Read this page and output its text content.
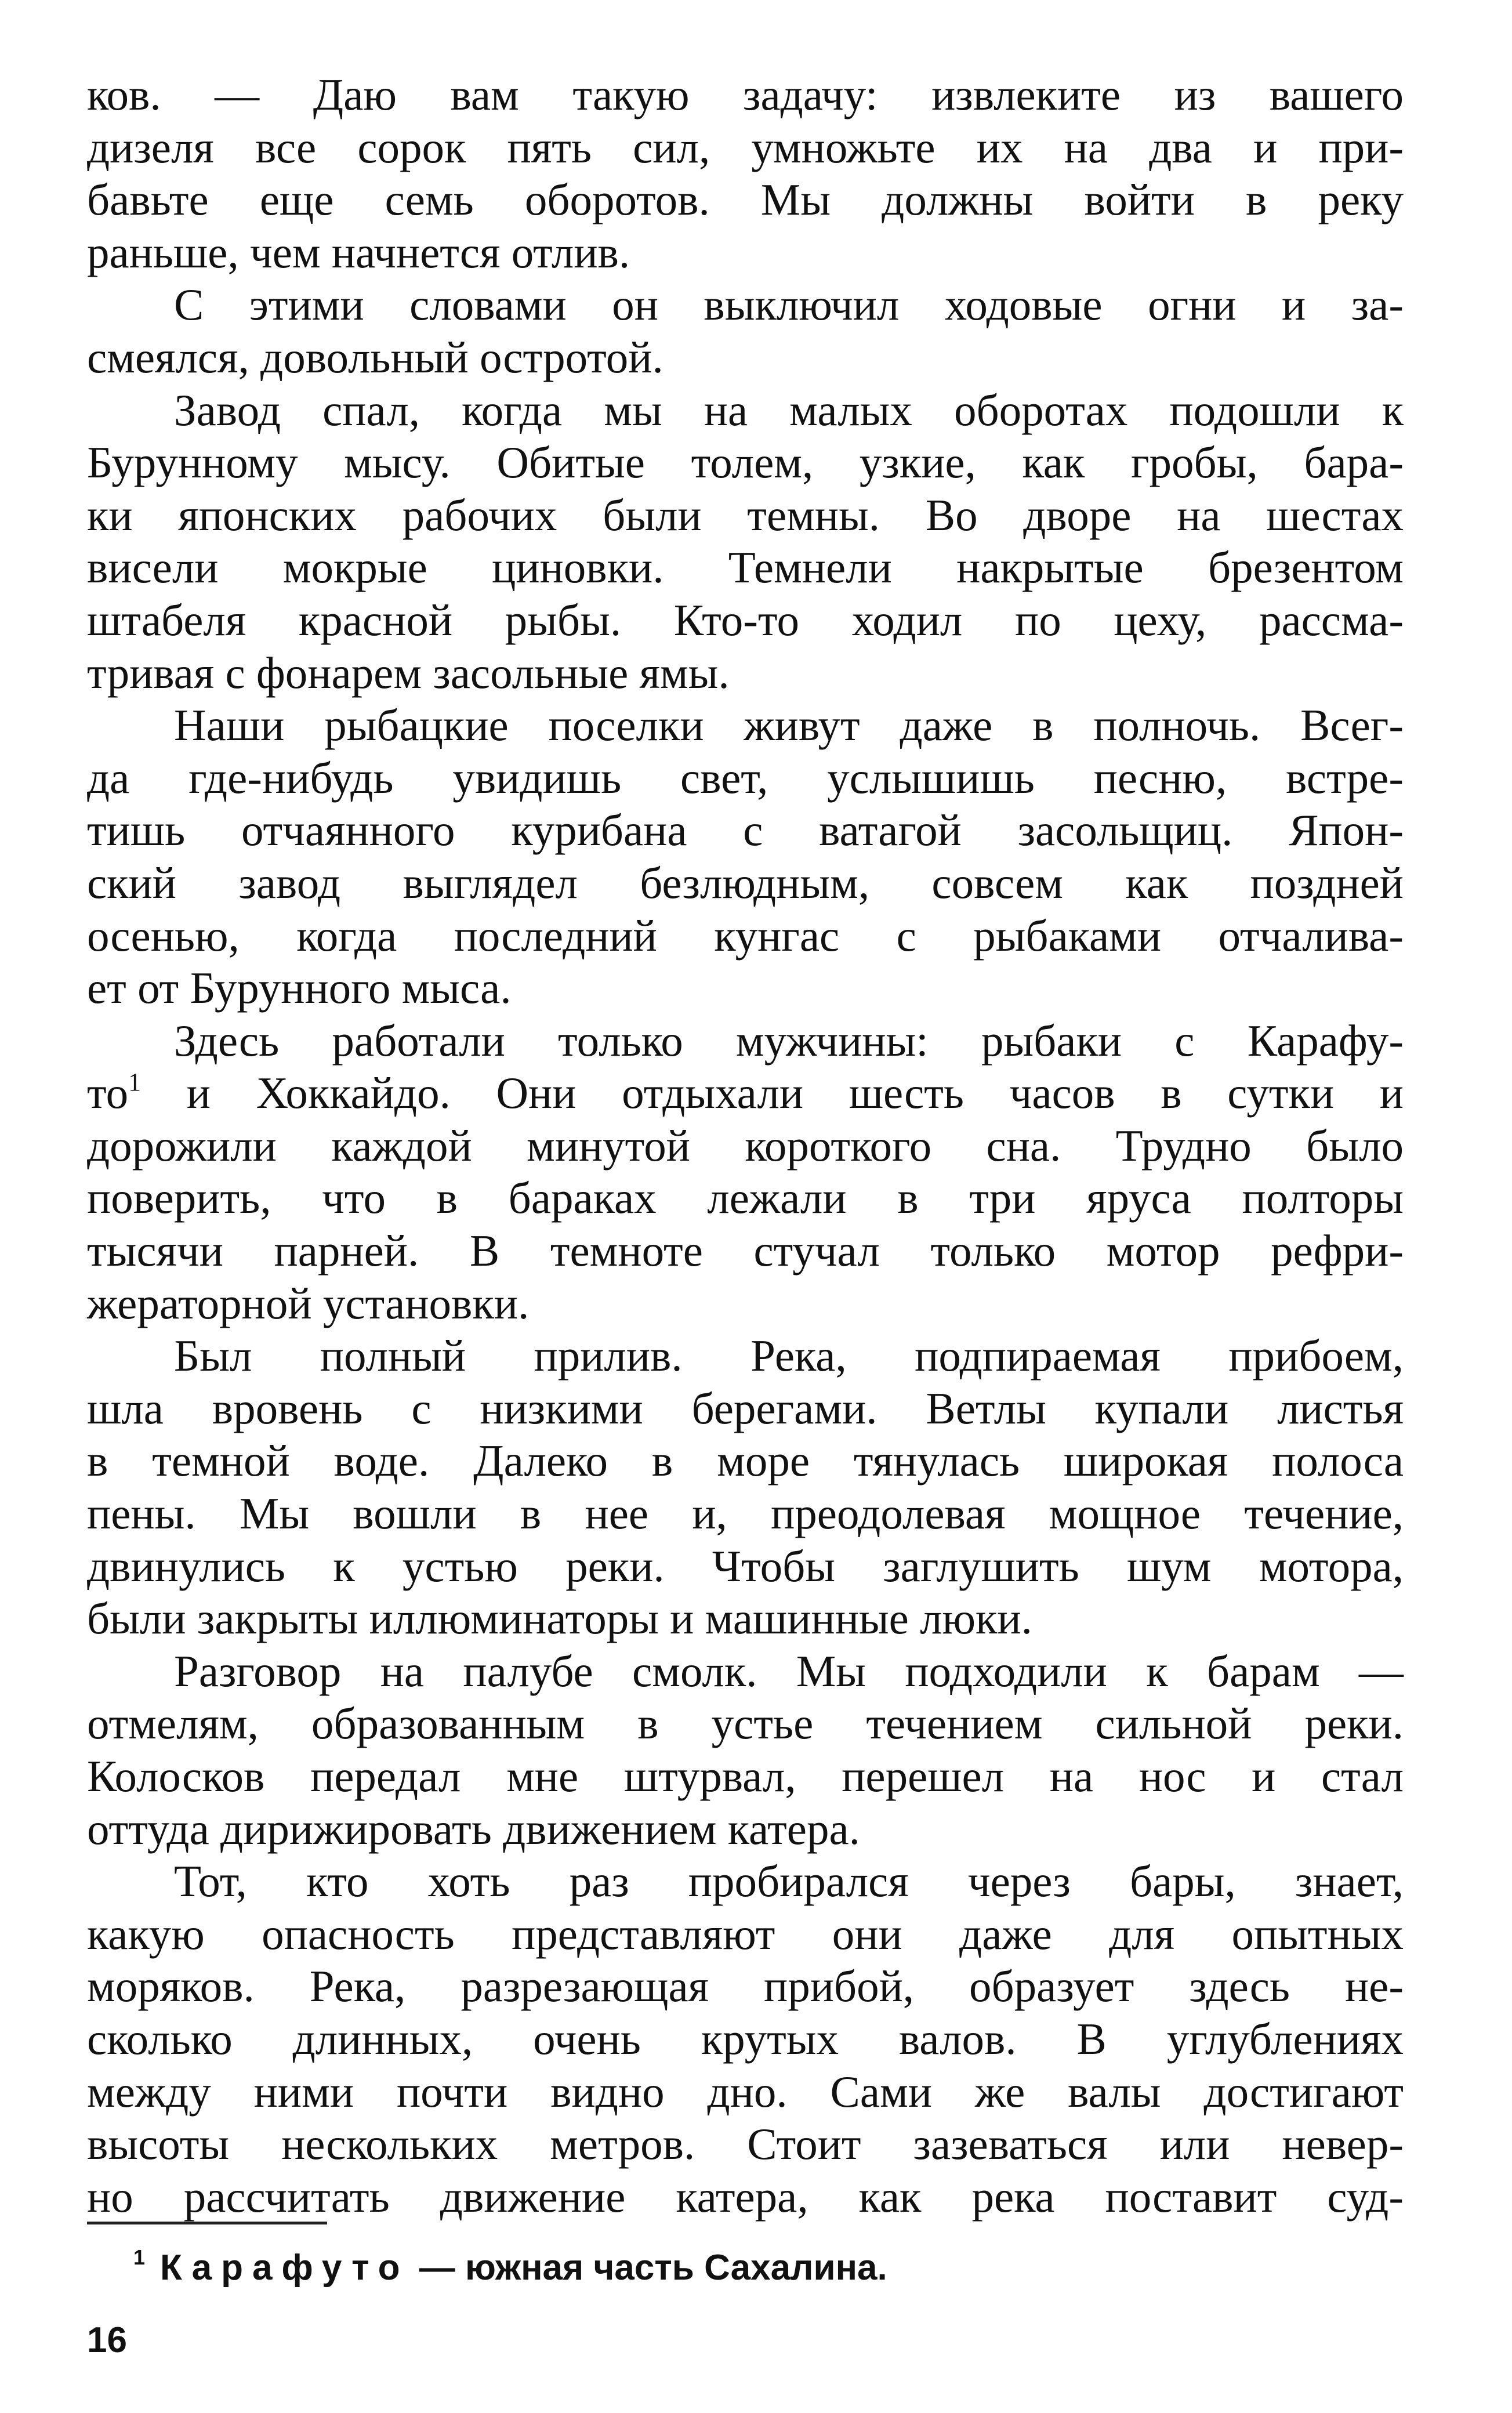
ков. — Даю вам такую задачу: извлеките из вашего
дизеля все сорок пять сил, умножьте их на два и при-
бавьте еще семь оборотов. Мы должны войти в реку
раньше, чем начнется отлив.
С этими словами он выключил ходовые огни и за-
смеялся, довольный остротой.
Завод спал, когда мы на малых оборотах подошли к
Бурунному мысу. Обитые толем, узкие, как гробы, бара-
ки японских рабочих были темны. Во дворе на шестах
висели мокрые циновки. Темнели накрытые брезентом
штабеля красной рыбы. Кто-то ходил по цеху, рассма-
тривая с фонарем засольные ямы.
Наши рыбацкие поселки живут даже в полночь. Всег-
да где-нибудь увидишь свет, услышишь песню, встре-
тишь отчаянного курибана с ватагой засольщиц. Япон-
ский завод выглядел безлюдным, совсем как поздней
осенью, когда последний кунгас с рыбаками отчалива-
ет от Бурунного мыса.
Здесь работали только мужчины: рыбаки с Карафу-
то$^1$ и Хоккайдо. Они отдыхали шесть часов в сутки и
дорожили каждой минутой короткого сна. Трудно было
поверить, что в бараках лежали в три яруса полторы
тысячи парней. В темноте стучал только мотор рефри-
жераторной установки.
Был полный прилив. Река, подпираемая прибоем,
шла вровень с низкими берегами. Ветлы купали листья
в темной воде. Далеко в море тянулась широкая полоса
пены. Мы вошли в нее и, преодолевая мощное течение,
двинулись к устью реки. Чтобы заглушить шум мотора,
были закрыты иллюминаторы и машинные люки.
Разговор на палубе смолк. Мы подходили к барам —
отмелям, образованным в устье течением сильной реки.
Колосков передал мне штурвал, перешел на нос и стал
оттуда дирижировать движением катера.
Тот, кто хоть раз пробирался через бары, знает,
какую опасность представляют они даже для опытных
моряков. Река, разрезающая прибой, образует здесь не-
сколько длинных, очень крутых валов. В углублениях
между ними почти видно дно. Сами же валы достигают
высоты нескольких метров. Стоит зазеваться или невер-
но рассчитать движение катера, как река поставит суд-
$^1$ Карафуто — южная часть Сахалина.
16
